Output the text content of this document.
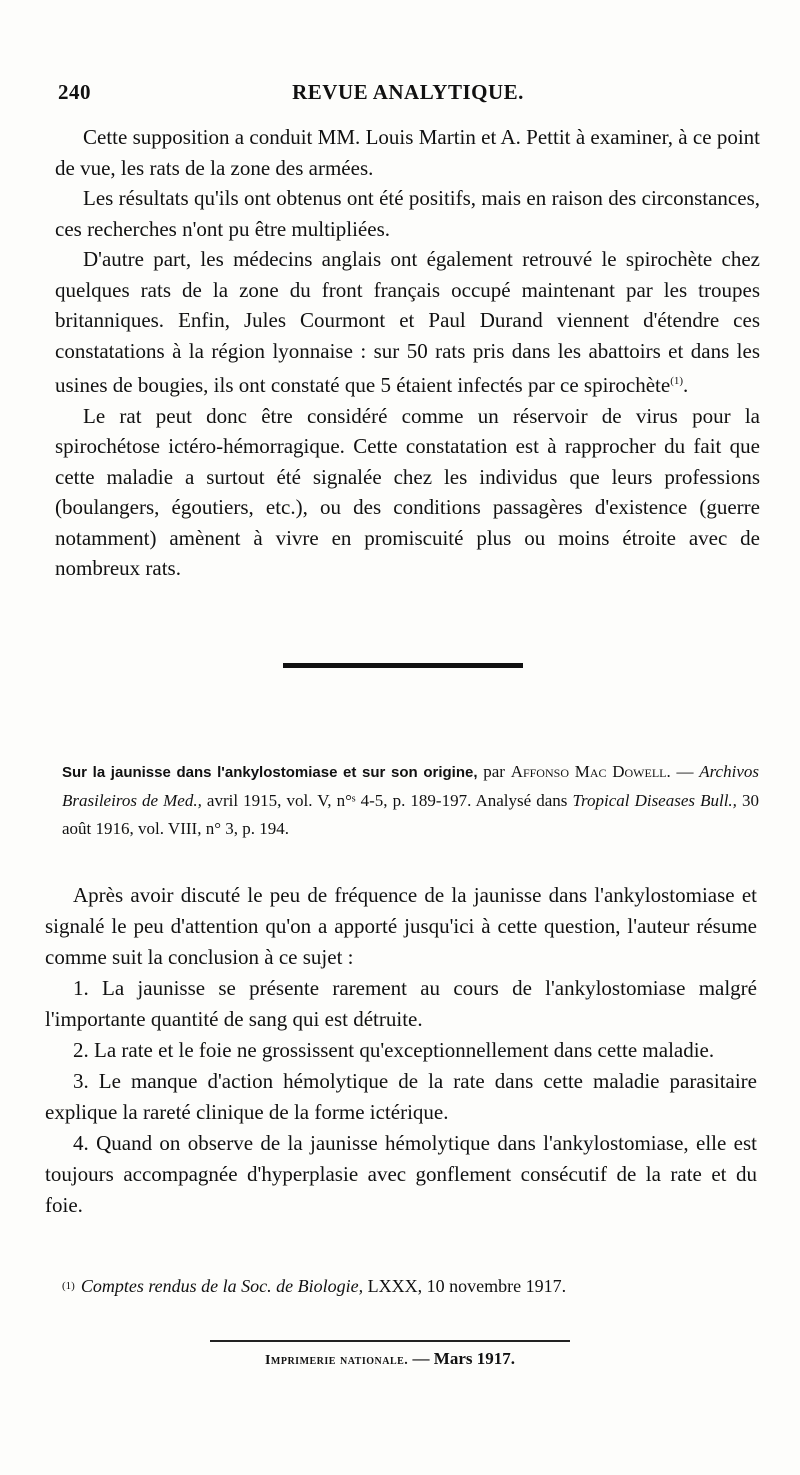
240	REVUE ANALYTIQUE.

Cette supposition a conduit MM. Louis Martin et A. Pettit à examiner, à ce point de vue, les rats de la zone des armées.

Les résultats qu'ils ont obtenus ont été positifs, mais en raison des circonstances, ces recherches n'ont pu être multipliées.

D'autre part, les médecins anglais ont également retrouvé le spirochète chez quelques rats de la zone du front français occupé maintenant par les troupes britanniques. Enfin, Jules Courmont et Paul Durand viennent d'étendre ces constatations à la région lyonnaise : sur 50 rats pris dans les abattoirs et dans les usines de bougies, ils ont constaté que 5 étaient infectés par ce spirochète$^{(1)}$.

Le rat peut donc être considéré comme un réservoir de virus pour la spirochétose ictéro-hémorragique. Cette constatation est à rapprocher du fait que cette maladie a surtout été signalée chez les individus que leurs professions (boulangers, égoutiers, etc.), ou des conditions passagères d'existence (guerre notamment) amènent à vivre en promiscuité plus ou moins étroite avec de nombreux rats.

Sur la jaunisse dans l'ankylostomiase et sur son origine, par Affonso Mac Dowell. — Archivos Brasileiros de Med., avril 1915, vol. V, n°ˢ 4-5, p. 189-197. Analysé dans Tropical Diseases Bull., 30 août 1916, vol. VIII, n° 3, p. 194.

Après avoir discuté le peu de fréquence de la jaunisse dans l'ankylostomiase et signalé le peu d'attention qu'on a apporté jusqu'ici à cette question, l'auteur résume comme suit la conclusion à ce sujet :

1. La jaunisse se présente rarement au cours de l'ankylostomiase malgré l'importante quantité de sang qui est détruite.

2. La rate et le foie ne grossissent qu'exceptionnellement dans cette maladie.

3. Le manque d'action hémolytique de la rate dans cette maladie parasitaire explique la rareté clinique de la forme ictérique.

4. Quand on observe de la jaunisse hémolytique dans l'ankylostomiase, elle est toujours accompagnée d'hyperplasie avec gonflement consécutif de la rate et du foie.

$^{(1)}$ Comptes rendus de la Soc. de Biologie, LXXX, 10 novembre 1917.
Imprimerie nationale. — Mars 1917.
